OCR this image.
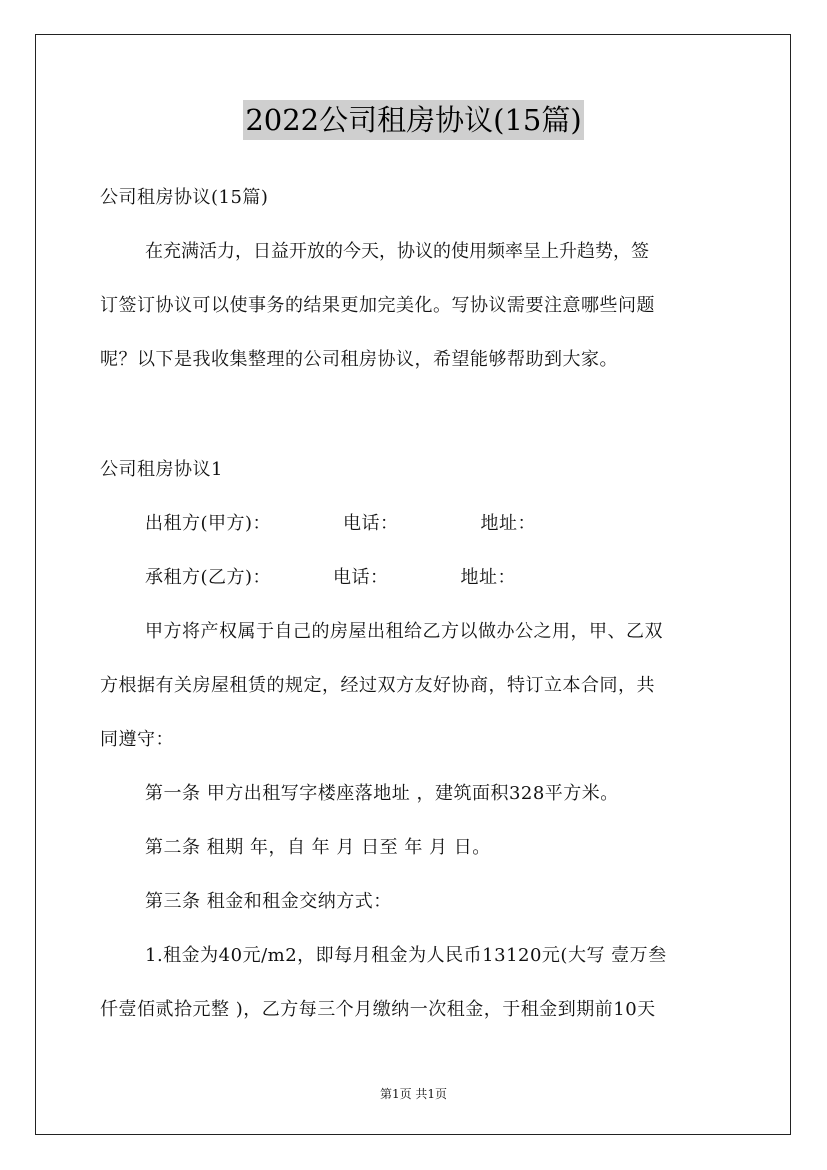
2022公司租房协议(15篇)
公司租房协议(15篇)
在充满活力，日益开放的今天，协议的使用频率呈上升趋势，签
订签订协议可以使事务的结果更加完美化。写协议需要注意哪些问题
呢？以下是我收集整理的公司租房协议，希望能够帮助到大家。
公司租房协议1
出租方(甲方)：	电话：	地址：
承租方(乙方)：	电话：	地址：
甲方将产权属于自己的房屋出租给乙方以做办公之用，甲、乙双
方根据有关房屋租赁的规定，经过双方友好协商，特订立本合同，共
同遵守：
第一条 甲方出租写字楼座落地址 ，建筑面积328平方米。
第二条 租期 年，自 年 月 日至 年 月 日。
第三条 租金和租金交纳方式：
1.租金为40元/m2，即每月租金为人民币13120元(大写 壹万叁
仟壹佰贰拾元整 )，乙方每三个月缴纳一次租金，于租金到期前10天
第1页 共1页
